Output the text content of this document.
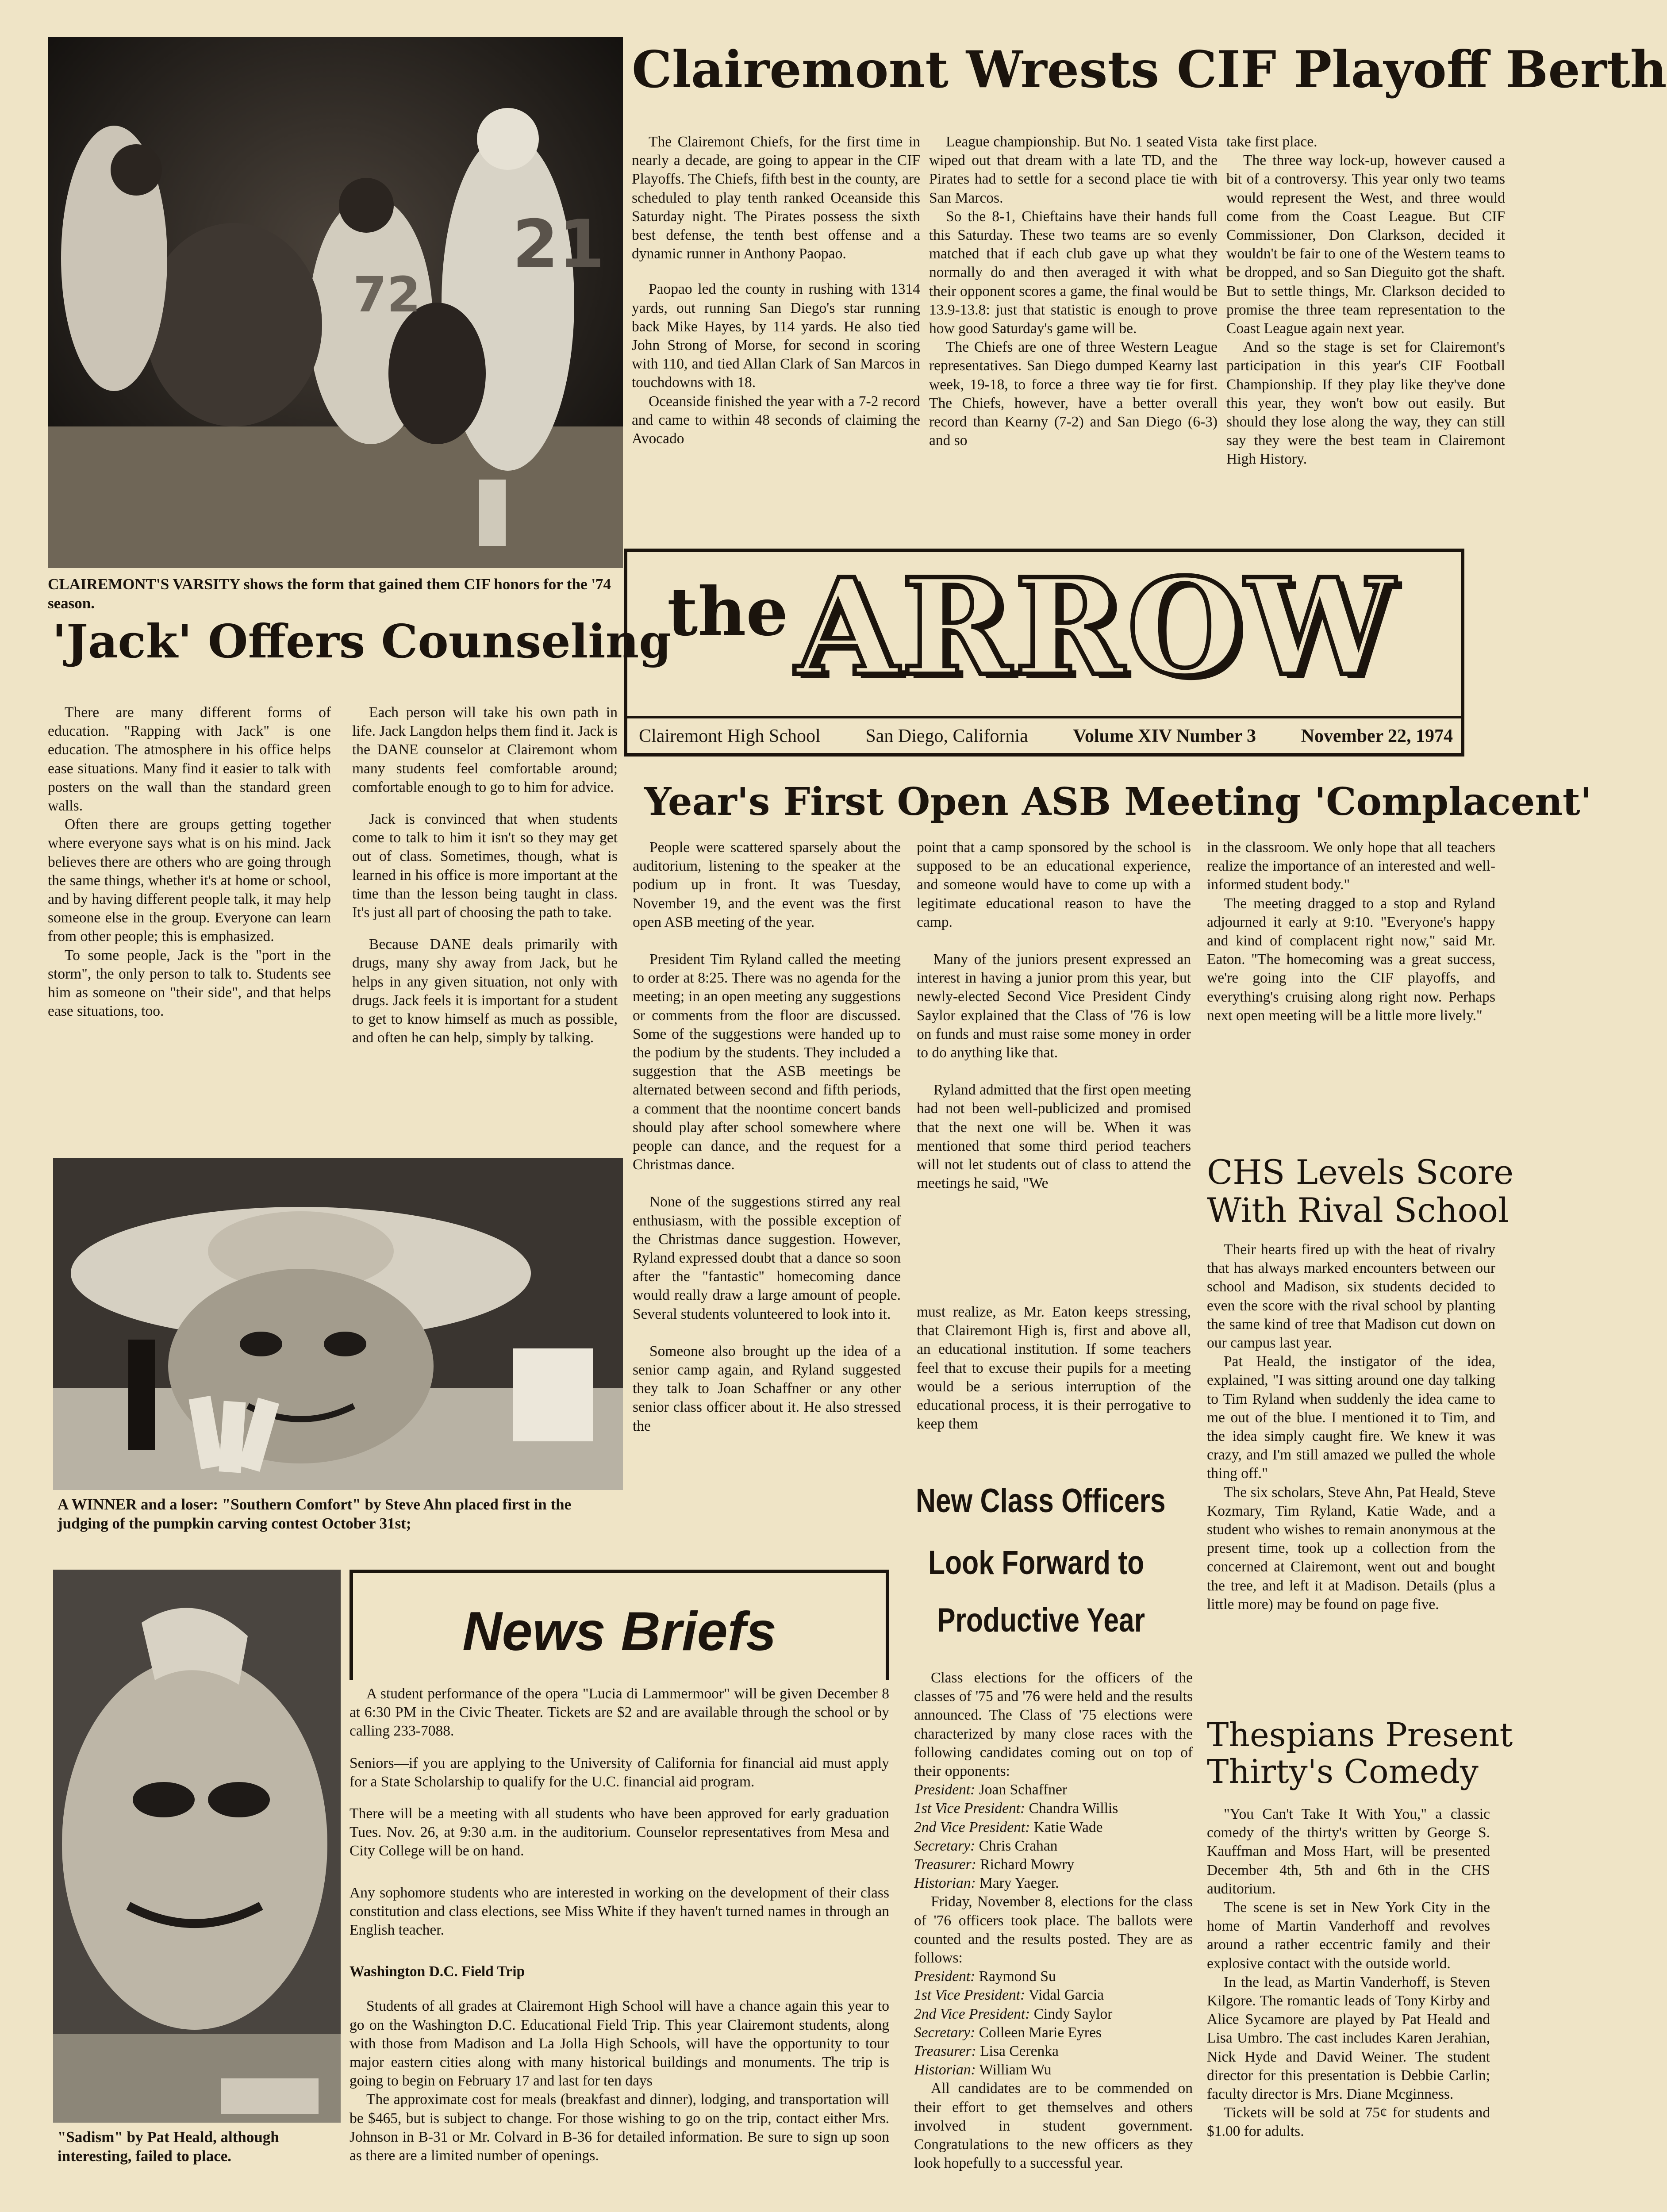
21
72
CLAIREMONT'S VARSITY shows the form that gained them CIF honors for the '74 season.
Clairemont Wrests CIF Playoff Berth

The Clairemont Chiefs, for the first time in nearly a decade, are going to appear in the CIF Playoffs. The Chiefs, fifth best in the county, are scheduled to play tenth ranked Oceanside this Saturday night. The Pirates possess the sixth best defense, the tenth best offense and a dynamic runner in Anthony Paopao.

Paopao led the county in rushing with 1314 yards, out running San Diego's star running back Mike Hayes, by 114 yards. He also tied John Strong of Morse, for second in scoring with 110, and tied Allan Clark of San Marcos in touchdowns with 18.

Oceanside finished the year with a 7-2 record and came to within 48 seconds of claiming the Avocado

League championship. But No. 1 seated Vista wiped out that dream with a late TD, and the Pirates had to settle for a second place tie with San Marcos.

So the 8-1, Chieftains have their hands full this Saturday. These two teams are so evenly matched that if each club gave up what they normally do and then averaged it with what their opponent scores a game, the final would be 13.9-13.8: just that statistic is enough to prove how good Saturday's game will be.

The Chiefs are one of three Western League representatives. San Diego dumped Kearny last week, 19-18, to force a three way tie for first. The Chiefs, however, have a better overall record than Kearny (7-2) and San Diego (6-3) and so

take first place.

The three way lock-up, however caused a bit of a controversy. This year only two teams would represent the West, and three would come from the Coast League. But CIF Commissioner, Don Clarkson, decided it wouldn't be fair to one of the Western teams to be dropped, and so San Dieguito got the shaft. But to settle things, Mr. Clarkson decided to promise the three team representation to the Coast League again next year.

And so the stage is set for Clairemont's participation in this year's CIF Football Championship. If they play like they've done this year, they won't bow out easily. But should they lose along the way, they can still say they were the best team in Clairemont High History.

the ARROW
Clairemont High School San Diego, California Volume XIV Number 3 November 22, 1974
'Jack' Offers Counseling

There are many different forms of education. "Rapping with Jack" is one education. The atmosphere in his office helps ease situations. Many find it easier to talk with posters on the wall than the standard green walls.

Often there are groups getting together where everyone says what is on his mind. Jack believes there are others who are going through the same things, whether it's at home or school, and by having different people talk, it may help someone else in the group. Everyone can learn from other people; this is emphasized.

To some people, Jack is the "port in the storm", the only person to talk to. Students see him as someone on "their side", and that helps ease situations, too.

Each person will take his own path in life. Jack Langdon helps them find it. Jack is the DANE counselor at Clairemont whom many students feel comfortable around; comfortable enough to go to him for advice.

Jack is convinced that when students come to talk to him it isn't so they may get out of class. Sometimes, though, what is learned in his office is more important at the time than the lesson being taught in class. It's just all part of choosing the path to take.

Because DANE deals primarily with drugs, many shy away from Jack, but he helps in any given situation, not only with drugs. Jack feels it is important for a student to get to know himself as much as possible, and often he can help, simply by talking.

A WINNER and a loser: "Southern Comfort" by Steve Ahn placed first in the judging of the pumpkin carving contest October 31st;
"Sadism" by Pat Heald, although interesting, failed to place.
News Briefs

A student performance of the opera "Lucia di Lammermoor" will be given December 8 at 6:30 PM in the Civic Theater. Tickets are $2 and are available through the school or by calling 233-7088.

Seniors—if you are applying to the University of California for financial aid must apply for a State Scholarship to qualify for the U.C. financial aid program.

There will be a meeting with all students who have been approved for early graduation Tues. Nov. 26, at 9:30 a.m. in the auditorium. Counselor representatives from Mesa and City College will be on hand.

Any sophomore students who are interested in working on the development of their class constitution and class elections, see Miss White if they haven't turned names in through an English teacher.

Washington D.C. Field Trip

Students of all grades at Clairemont High School will have a chance again this year to go on the Washington D.C. Educational Field Trip. This year Clairemont students, along with those from Madison and La Jolla High Schools, will have the opportunity to tour major eastern cities along with many historical buildings and monuments. The trip is going to begin on February 17 and last for ten days

The approximate cost for meals (breakfast and dinner), lodging, and transportation will be $465, but is subject to change. For those wishing to go on the trip, contact either Mrs. Johnson in B-31 or Mr. Colvard in B-36 for detailed information. Be sure to sign up soon as there are a limited number of openings.

Year's First Open ASB Meeting 'Complacent'

People were scattered sparsely about the auditorium, listening to the speaker at the podium up in front. It was Tuesday, November 19, and the event was the first open ASB meeting of the year.

President Tim Ryland called the meeting to order at 8:25. There was no agenda for the meeting; in an open meeting any suggestions or comments from the floor are discussed. Some of the suggestions were handed up to the podium by the students. They included a suggestion that the ASB meetings be alternated between second and fifth periods, a comment that the noontime concert bands should play after school somewhere where people can dance, and the request for a Christmas dance.

None of the suggestions stirred any real enthusiasm, with the possible exception of the Christmas dance suggestion. However, Ryland expressed doubt that a dance so soon after the "fantastic" homecoming dance would really draw a large amount of people. Several students volunteered to look into it.

Someone also brought up the idea of a senior camp again, and Ryland suggested they talk to Joan Schaffner or any other senior class officer about it. He also stressed the

point that a camp sponsored by the school is supposed to be an educational experience, and someone would have to come up with a legitimate educational reason to have the camp.

Many of the juniors present expressed an interest in having a junior prom this year, but newly-elected Second Vice President Cindy Saylor explained that the Class of '76 is low on funds and must raise some money in order to do anything like that.

Ryland admitted that the first open meeting had not been well-publicized and promised that the next one will be. When it was mentioned that some third period teachers will not let students out of class to attend the meetings he said, "We

must realize, as Mr. Eaton keeps stressing, that Clairemont High is, first and above all, an educational institution. If some teachers feel that to excuse their pupils for a meeting would be a serious interruption of the educational process, it is their perrogative to keep them

in the classroom. We only hope that all teachers realize the importance of an interested and well-informed student body."

The meeting dragged to a stop and Ryland adjourned it early at 9:10. "Everyone's happy and kind of complacent right now," said Mr. Eaton. "The homecoming was a great success, we're going into the CIF playoffs, and everything's cruising along right now. Perhaps next open meeting will be a little more lively."

CHS Levels Score
With Rival School

Their hearts fired up with the heat of rivalry that has always marked encounters between our school and Madison, six students decided to even the score with the rival school by planting the same kind of tree that Madison cut down on our campus last year.

Pat Heald, the instigator of the idea, explained, "I was sitting around one day talking to Tim Ryland when suddenly the idea came to me out of the blue. I mentioned it to Tim, and the idea simply caught fire. We knew it was crazy, and I'm still amazed we pulled the whole thing off."

The six scholars, Steve Ahn, Pat Heald, Steve Kozmary, Tim Ryland, Katie Wade, and a student who wishes to remain anonymous at the present time, took up a collection from the concerned at Clairemont, went out and bought the tree, and left it at Madison. Details (plus a little more) may be found on page five.

Thespians Present
Thirty's Comedy

"You Can't Take It With You," a classic comedy of the thirty's written by George S. Kauffman and Moss Hart, will be presented December 4th, 5th and 6th in the CHS auditorium.

The scene is set in New York City in the home of Martin Vanderhoff and revolves around a rather eccentric family and their explosive contact with the outside world.

In the lead, as Martin Vanderhoff, is Steven Kilgore. The romantic leads of Tony Kirby and Alice Sycamore are played by Pat Heald and Lisa Umbro. The cast includes Karen Jerahian, Nick Hyde and David Weiner. The student director for this presentation is Debbie Carlin; faculty director is Mrs. Diane Mcginness.

Tickets will be sold at 75¢ for students and $1.00 for adults.

New Class Officers
Look Forward to
Productive Year

Class elections for the officers of the classes of '75 and '76 were held and the results announced. The Class of '75 elections were characterized by many close races with the following candidates coming out on top of their opponents:

President: Joan Schaffner
1st Vice President: Chandra Willis
2nd Vice President: Katie Wade
Secretary: Chris Crahan
Treasurer: Richard Mowry
Historian: Mary Yaeger.

Friday, November 8, elections for the class of '76 officers took place. The ballots were counted and the results posted. They are as follows:

President: Raymond Su
1st Vice President: Vidal Garcia
2nd Vice President: Cindy Saylor
Secretary: Colleen Marie Eyres
Treasurer: Lisa Cerenka
Historian: William Wu

All candidates are to be commended on their effort to get themselves and others involved in student government. Congratulations to the new officers as they look hopefully to a successful year.
